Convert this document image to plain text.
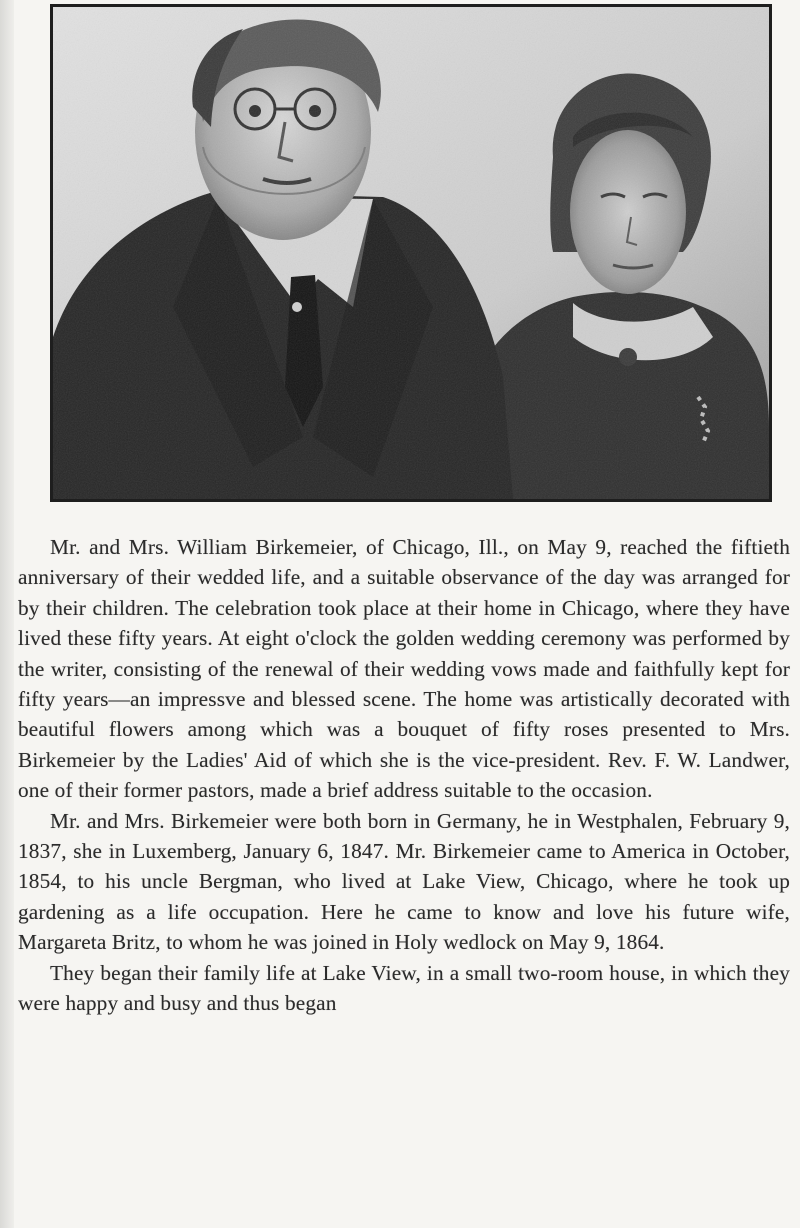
Mr. and Mrs. William Birkemeier, of Chicago, Ill., on May 9, reached the fiftieth anniversary of their wedded life, and a suitable observance of the day was arranged for by their children. The celebration took place at their home in Chicago, where they have lived these fifty years. At eight o'clock the golden wedding ceremony was performed by the writer, consisting of the renewal of their wedding vows made and faithfully kept for fifty years—an impressve and blessed scene. The home was artistically decorated with beautiful flowers among which was a bouquet of fifty roses presented to Mrs. Birkemeier by the Ladies' Aid of which she is the vice-president. Rev. F. W. Landwer, one of their former pastors, made a brief address suitable to the occasion.

Mr. and Mrs. Birkemeier were both born in Germany, he in Westphalen, February 9, 1837, she in Luxemberg, January 6, 1847. Mr. Birkemeier came to America in October, 1854, to his uncle Bergman, who lived at Lake View, Chicago, where he took up gardening as a life occupation. Here he came to know and love his future wife, Margareta Britz, to whom he was joined in Holy wedlock on May 9, 1864.

They began their family life at Lake View, in a small two-room house, in which they were happy and busy and thus began
